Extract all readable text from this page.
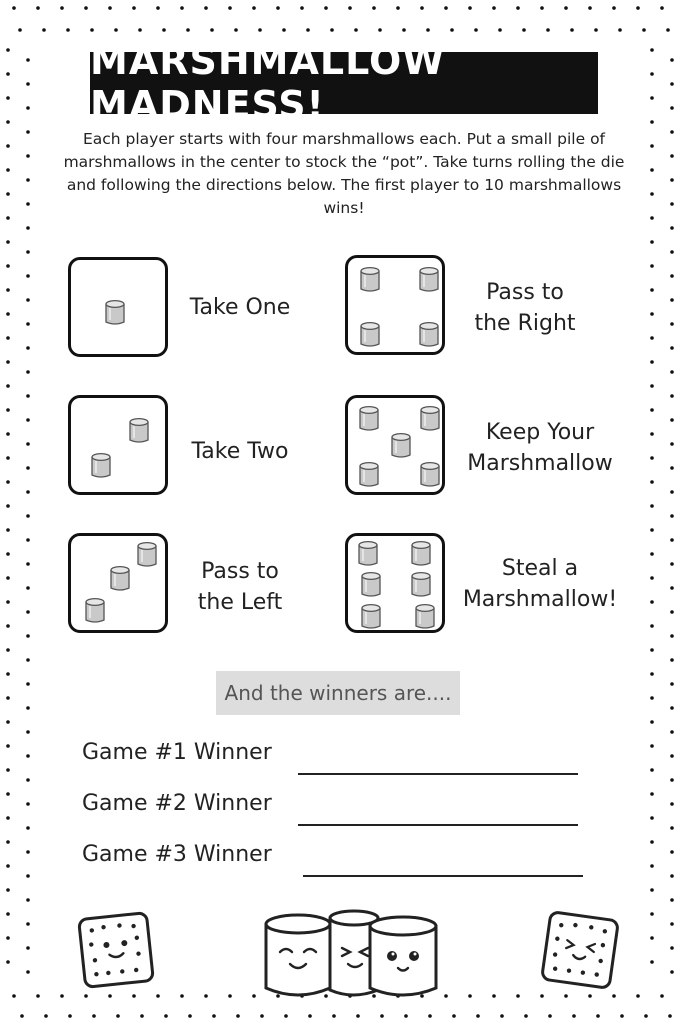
MARSHMALLOW MADNESS!
Each player starts with four marshmallows each. Put a small pile of marshmallows in the center to stock the “pot”. Take turns rolling the die and following the directions below. The first player to 10 marshmallows wins!
Take One
Take Two
Pass to
the Left
Pass to
the Right
Keep Your
Marshmallow
Steal a
Marshmallow!
And the winners are....
Game #1 Winner
Game #2 Winner
Game #3 Winner
